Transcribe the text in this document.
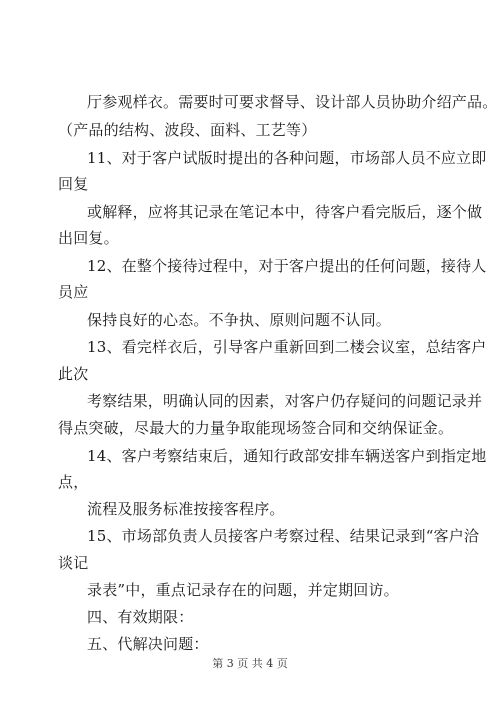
厅参观样衣。需要时可要求督导、设计部人员协助介绍产品。
（产品的结构、波段、面料、工艺等）
11、对于客户试版时提出的各种问题，市场部人员不应立即
回复
或解释，应将其记录在笔记本中，待客户看完版后，逐个做
出回复。
12、在整个接待过程中，对于客户提出的任何问题，接待人
员应
保持良好的心态。不争执、原则问题不认同。
13、看完样衣后，引导客户重新回到二楼会议室，总结客户
此次
考察结果，明确认同的因素，对客户仍存疑问的问题记录并
得点突破，尽最大的力量争取能现场签合同和交纳保证金。
14、客户考察结束后，通知行政部安排车辆送客户到指定地
点，
流程及服务标准按接客程序。
15、市场部负责人员接客户考察过程、结果记录到“客户洽
谈记
录表”中，重点记录存在的问题，并定期回访。
四、有效期限：
五、代解决问题：
第 3 页 共 4 页
